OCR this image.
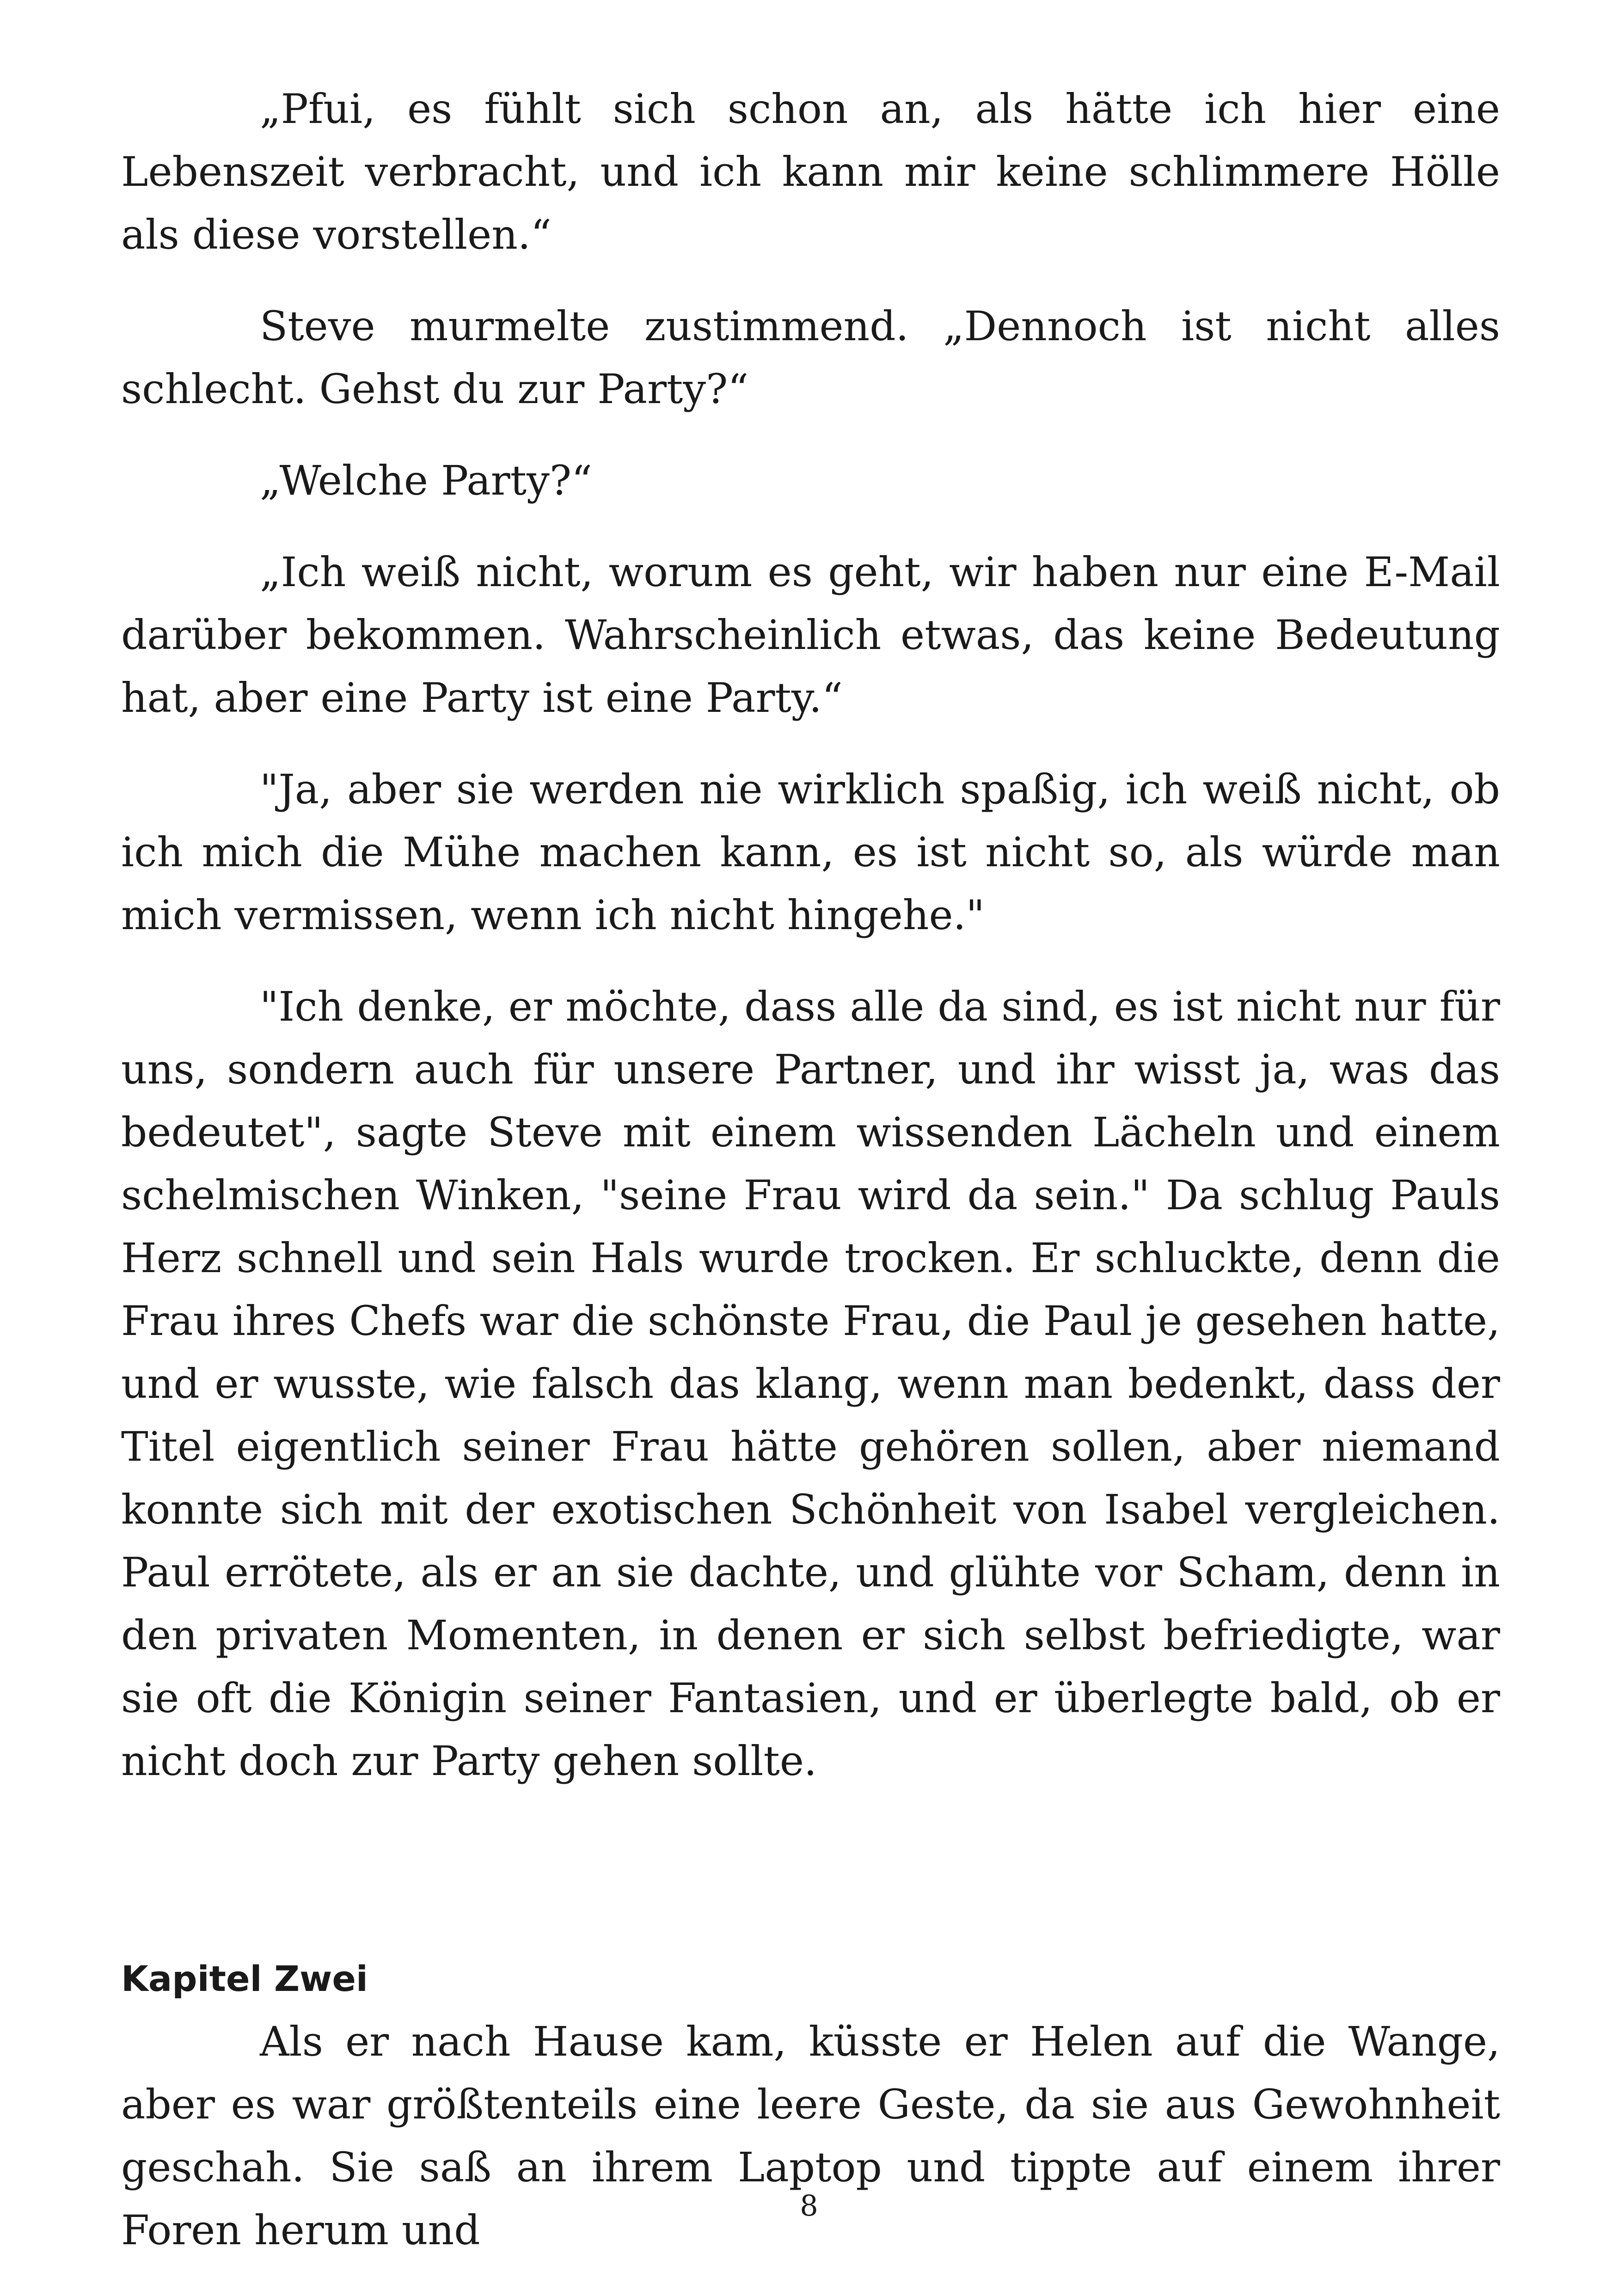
„Pfui, es fühlt sich schon an, als hätte ich hier eine Lebenszeit verbracht, und ich kann mir keine schlimmere Hölle als diese vorstellen.“

Steve murmelte zustimmend. „Dennoch ist nicht alles schlecht. Gehst du zur Party?“

„Welche Party?“

„Ich weiß nicht, worum es geht, wir haben nur eine E-Mail darüber bekommen. Wahrscheinlich etwas, das keine Bedeutung hat, aber eine Party ist eine Party.“

"Ja, aber sie werden nie wirklich spaßig, ich weiß nicht, ob ich mich die Mühe machen kann, es ist nicht so, als würde man mich vermissen, wenn ich nicht hingehe."

"Ich denke, er möchte, dass alle da sind, es ist nicht nur für uns, sondern auch für unsere Partner, und ihr wisst ja, was das bedeutet", sagte Steve mit einem wissenden Lächeln und einem schelmischen Winken, "seine Frau wird da sein." Da schlug Pauls Herz schnell und sein Hals wurde trocken. Er schluckte, denn die Frau ihres Chefs war die schönste Frau, die Paul je gesehen hatte, und er wusste, wie falsch das klang, wenn man bedenkt, dass der Titel eigentlich seiner Frau hätte gehören sollen, aber niemand konnte sich mit der exotischen Schönheit von Isabel vergleichen. Paul errötete, als er an sie dachte, und glühte vor Scham, denn in den privaten Momenten, in denen er sich selbst befriedigte, war sie oft die Königin seiner Fantasien, und er überlegte bald, ob er nicht doch zur Party gehen sollte.

Kapitel Zwei

Als er nach Hause kam, küsste er Helen auf die Wange, aber es war größtenteils eine leere Geste, da sie aus Gewohnheit geschah. Sie saß an ihrem Laptop und tippte auf einem ihrer Foren herum und

8
